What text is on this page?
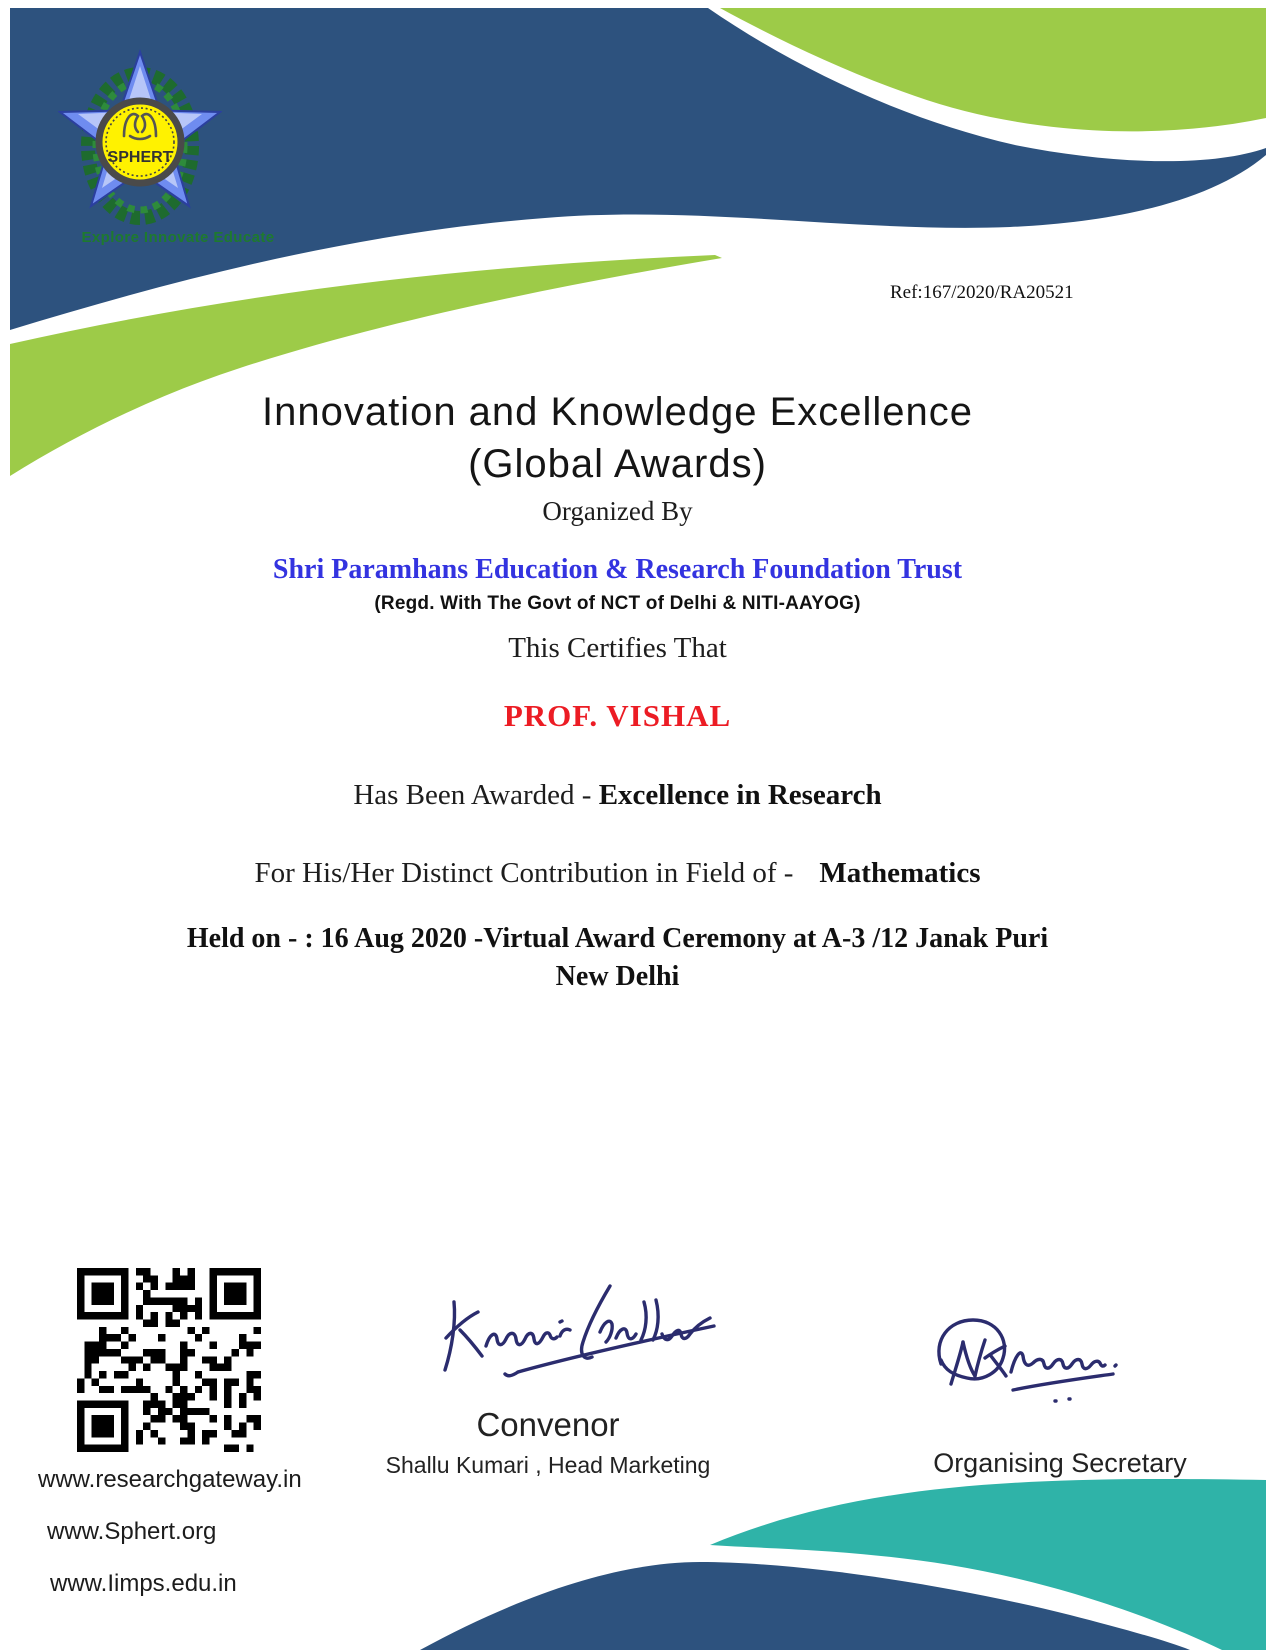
SPHERT
Explore Innovate Educate
Ref:167/2020/RA20521
Innovation and Knowledge Excellence
(Global Awards)
Organized By
Shri Paramhans Education & Research Foundation Trust
(Regd. With The Govt of NCT of Delhi & NITI-AAYOG)
This Certifies That
PROF. VISHAL
Has Been Awarded - Excellence in Research
For His/Her Distinct Contribution in Field of - Mathematics
Held on - : 16 Aug 2020 -Virtual Award Ceremony at A-3 /12 Janak Puri New Delhi
Convenor
Shallu Kumari , Head Marketing	Organising Secretary
www.researchgateway.in
www.Sphert.org
www.Iimps.edu.in
